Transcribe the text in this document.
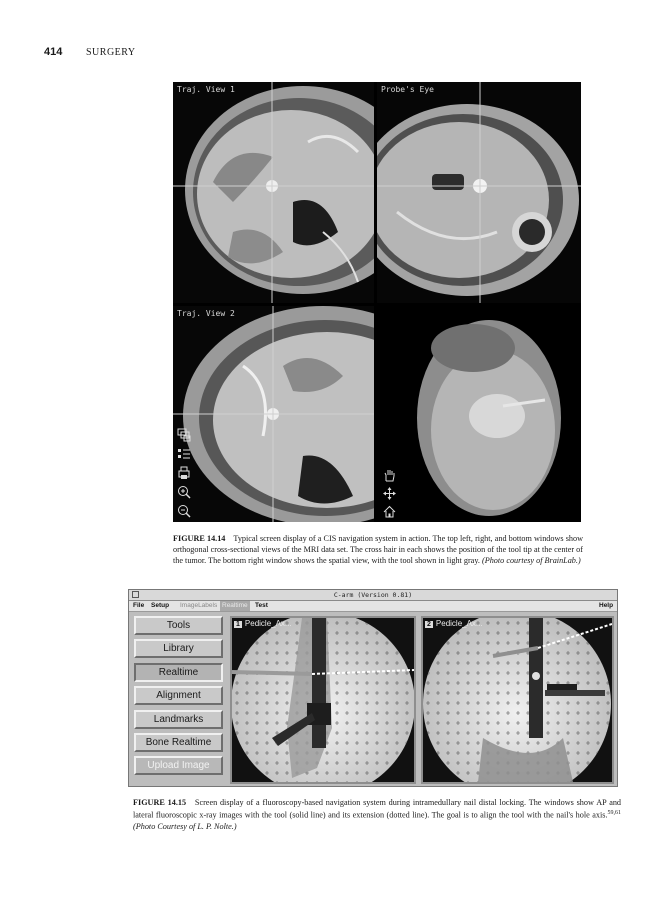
414 SURGERY
Traj. View 1	Probe's Eye
Traj. View 2
FIGURE 14.14 Typical screen display of a CIS navigation system in action. The top left, right, and bottom windows show orthogonal cross-sectional views of the MRI data set. The cross hair in each shows the position of the tool tip at the center of the tumor. The bottom right window shows the spatial view, with the tool shown in light gray. (Photo courtesy of BrainLab.)
C-arm (Version 0.81)
File Setup ImageLabels Realtime	Test	Help
Tools
Library
Realtime
Alignment
Landmarks
Bone Realtime
Upload Image
1 Pedicle_Ax...	2 Pedicle_Ax...
FIGURE 14.15 Screen display of a fluoroscopy-based navigation system during intramedullary nail distal locking. The windows show AP and lateral fluoroscopic x-ray images with the tool (solid line) and its extension (dotted line). The goal is to align the tool with the nail's hole axis.$^{59,61}$ (Photo Courtesy of L. P. Nolte.)
